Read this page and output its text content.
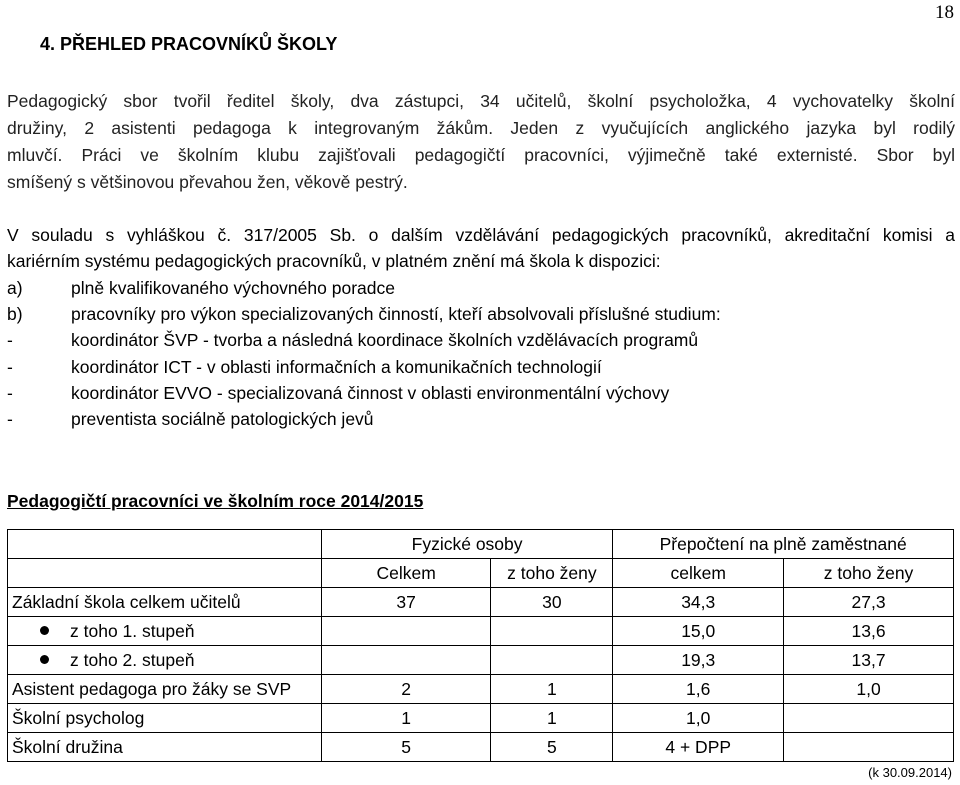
18
4. PŘEHLED PRACOVNÍKŮ ŠKOLY
Pedagogický sbor tvořil ředitel školy, dva zástupci, 34 učitelů, školní psycholožka, 4 vychovatelky školní
družiny, 2 asistenti pedagoga k integrovaným žákům. Jeden z vyučujících anglického jazyka byl rodilý
mluvčí. Práci ve školním klubu zajišťovali pedagogičtí pracovníci, výjimečně také externisté. Sbor byl
smíšený s většinovou převahou žen, věkově pestrý.
V souladu s vyhláškou č. 317/2005 Sb. o dalším vzdělávání pedagogických pracovníků, akreditační komisi a
kariérním systému pedagogických pracovníků, v platném znění má škola k dispozici:
a)	plně kvalifikovaného výchovného poradce
b)	pracovníky pro výkon specializovaných činností, kteří absolvovali příslušné studium:
-	koordinátor ŠVP - tvorba a následná koordinace školních vzdělávacích programů
-	koordinátor ICT - v oblasti informačních a komunikačních technologií
-	koordinátor EVVO - specializovaná činnost v oblasti environmentální výchovy
-	preventista sociálně patologických jevů
Pedagogičtí pracovníci ve školním roce 2014/2015
	Fyzické osoby		Přepočtení na plně zaměstnané	
	Celkem	z toho ženy	celkem	z toho ženy
Základní škola celkem učitelů	37	30	34,3	27,3
z toho 1. stupeň			15,0	13,6
z toho 2. stupeň			19,3	13,7
Asistent pedagoga pro žáky se SVP	2	1	1,6	1,0
Školní psycholog	1	1	1,0	
Školní družina	5	5	4 + DPP	
(k 30.09.2014)
